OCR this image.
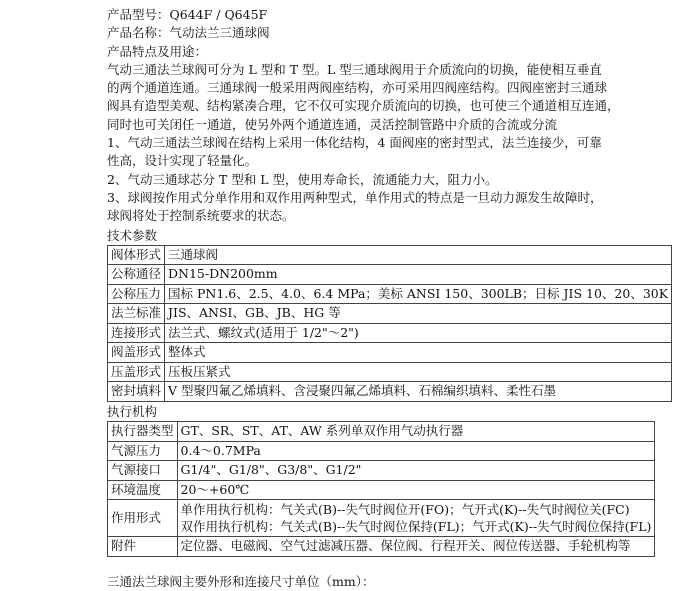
产品型号：Q644F / Q645F
产品名称：气动法兰三通球阀
产品特点及用途：
气动三通法兰球阀可分为 L 型和 T 型。L 型三通球阀用于介质流向的切换，能使相互垂直
的两个通道连通。三通球阀一般采用两阀座结构，亦可采用四阀座结构。四阀座密封三通球
阀具有造型美观、结构紧凑合理，它不仅可实现介质流向的切换，也可使三个通道相互连通，
同时也可关闭任一通道，使另外两个通道连通，灵活控制管路中介质的合流或分流
1、气动三通法兰球阀在结构上采用一体化结构，4 面阀座的密封型式，法兰连接少，可靠
性高，设计实现了轻量化。
2、气动三通球芯分 T 型和 L 型，使用寿命长，流通能力大，阻力小。
3、球阀按作用式分单作用和双作用两种型式，单作用式的特点是一旦动力源发生故障时，
球阀将处于控制系统要求的状态。
技术参数
阀体形式	三通球阀
公称通径	DN15-DN200mm
公称压力	国标 PN1.6、2.5、4.0、6.4 MPa；美标 ANSI 150、300LB；日标 JIS 10、20、30K
法兰标准	JIS、ANSI、GB、JB、HG 等
连接形式	法兰式、螺纹式(适用于 1/2"～2")
阀盖形式	整体式
压盖形式	压板压紧式
密封填料	V 型聚四氟乙烯填料、含浸聚四氟乙烯填料、石棉编织填料、柔性石墨
执行机构
执行器类型	GT、SR、ST、AT、AW 系列单双作用气动执行器
气源压力	0.4～0.7MPa
气源接口	G1/4"、G1/8"、G3/8"、G1/2"
环境温度	20～+60℃
作用形式	单作用执行机构：气关式(B)--失气时阀位开(FO)；气开式(K)--失气时阀位关(FC)
双作用执行机构：气关式(B)--失气时阀位保持(FL)；气开式(K)--失气时阀位保持(FL)

附件	定位器、电磁阀、空气过滤减压器、保位阀、行程开关、阀位传送器、手轮机构等
三通法兰球阀主要外形和连接尺寸单位（mm）：
